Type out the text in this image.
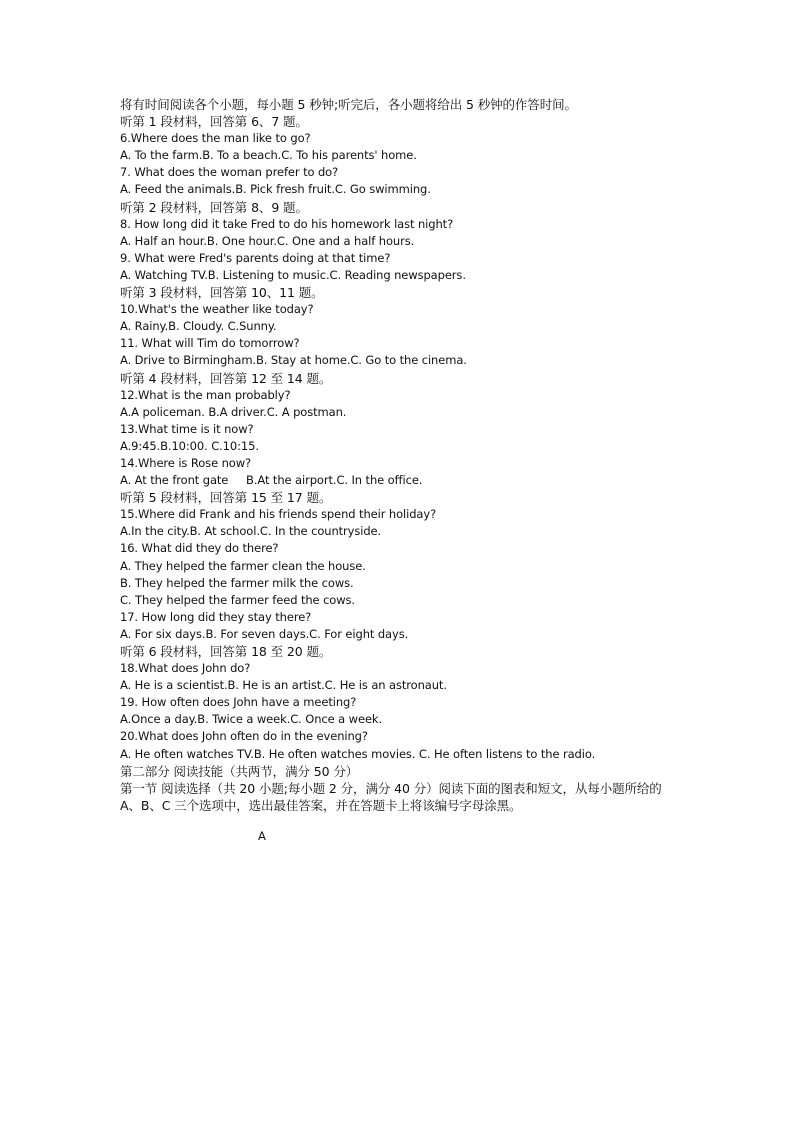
将有时间阅读各个小题，每小题 5 秒钟;听完后，各小题将给出 5 秒钟的作答时间。
听第 1 段材料，回答第 6、7 题。
6.Where does the man like to go?
A. To the farm.B. To a beach.C. To his parents' home.
7. What does the woman prefer to do?
A. Feed the animals.B. Pick fresh fruit.C. Go swimming.
听第 2 段材料，回答第 8、9 题。
8. How long did it take Fred to do his homework last night?
A. Half an hour.B. One hour.C. One and a half hours.
9. What were Fred's parents doing at that time?
A. Watching TV.B. Listening to music.C. Reading newspapers.
听第 3 段材料，回答第 10、11 题。
10.What's the weather like today?
A. Rainy.B. Cloudy. C.Sunny.
11. What will Tim do tomorrow?
A. Drive to Birmingham.B. Stay at home.C. Go to the cinema.
听第 4 段材料，回答第 12 至 14 题。
12.What is the man probably?
A.A policeman. B.A driver.C. A postman.
13.What time is it now?
A.9:45.B.10:00. C.10:15.
14.Where is Rose now?
A. At the front gate     B.At the airport.C. In the office.
听第 5 段材料，回答第 15 至 17 题。
15.Where did Frank and his friends spend their holiday?
A.In the city.B. At school.C. In the countryside.
16. What did they do there?
A. They helped the farmer clean the house.
B. They helped the farmer milk the cows.
C. They helped the farmer feed the cows.
17. How long did they stay there?
A. For six days.B. For seven days.C. For eight days.
听第 6 段材料，回答第 18 至 20 题。
18.What does John do?
A. He is a scientist.B. He is an artist.C. He is an astronaut.
19. How often does John have a meeting?
A.Once a day.B. Twice a week.C. Once a week.
20.What does John often do in the evening?
A. He often watches TV.B. He often watches movies. C. He often listens to the radio.
第二部分 阅读技能（共两节，满分 50 分）
第一节 阅读选择（共 20 小题;每小题 2 分，满分 40 分）阅读下面的图表和短文，从每小题所给的 A、B、C 三个选项中，选出最佳答案，并在答题卡上将该编号字母涂黑。
A
